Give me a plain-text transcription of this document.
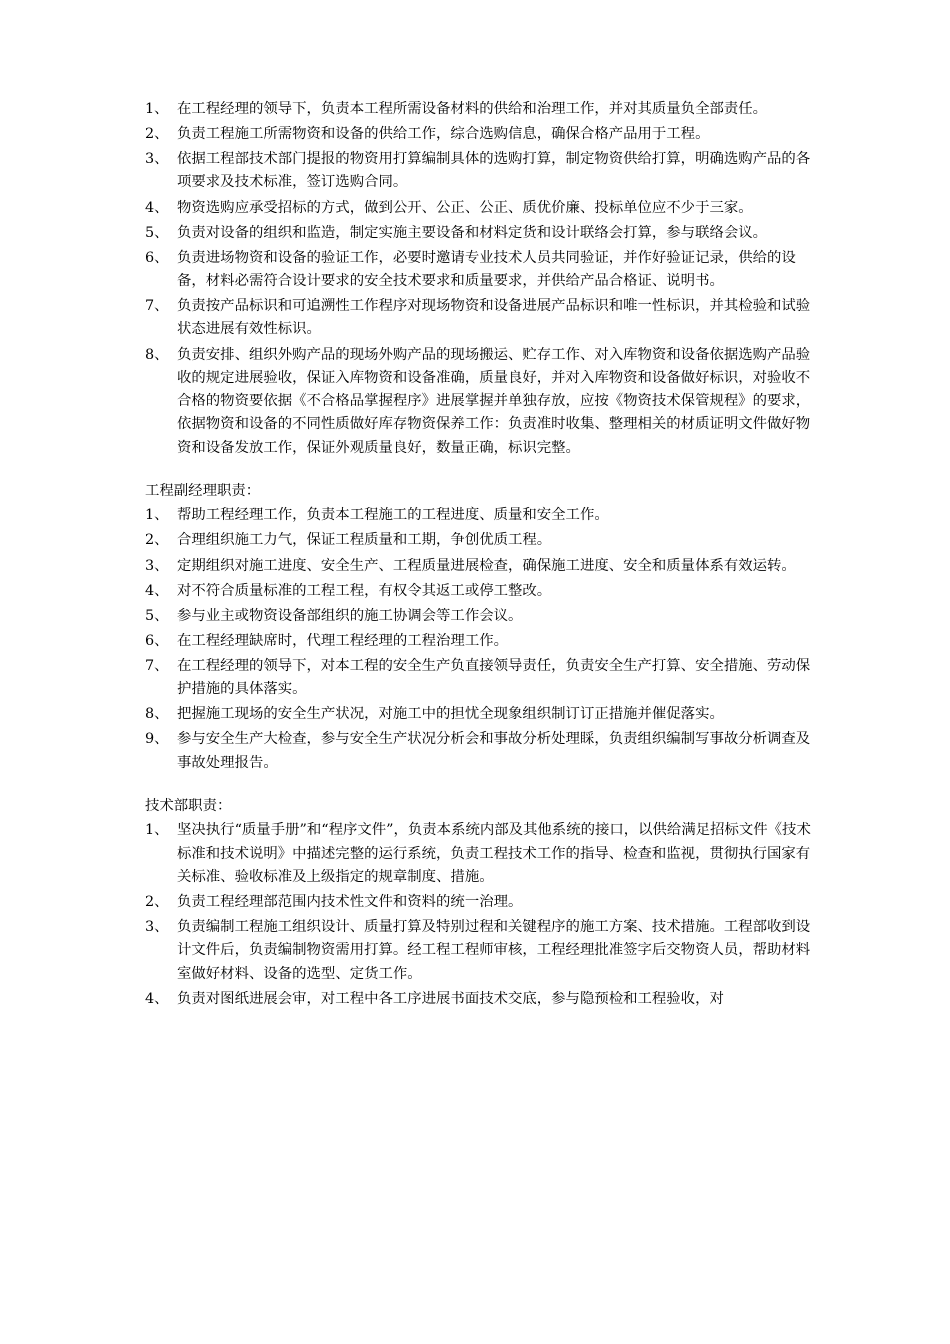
1、 在工程经理的领导下，负责本工程所需设备材料的供给和治理工作，并对其质量负全部责任。
2、 负责工程施工所需物资和设备的供给工作，综合选购信息，确保合格产品用于工程。
3、 依据工程部技术部门提报的物资用打算编制具体的选购打算，制定物资供给打算，明确选购产品的各项要求及技术标准，签订选购合同。
4、 物资选购应承受招标的方式，做到公开、公正、公正、质优价廉、投标单位应不少于三家。
5、 负责对设备的组织和监造，制定实施主要设备和材料定货和设计联络会打算，参与联络会议。
6、 负责进场物资和设备的验证工作，必要时邀请专业技术人员共同验证，并作好验证记录，供给的设备，材料必需符合设计要求的安全技术要求和质量要求，并供给产品合格证、说明书。
7、 负责按产品标识和可追溯性工作程序对现场物资和设备进展产品标识和唯一性标识，并其检验和试验状态进展有效性标识。
8、 负责安排、组织外购产品的现场外购产品的现场搬运、贮存工作、对入库物资和设备依据选购产品验收的规定进展验收，保证入库物资和设备准确，质量良好，并对入库物资和设备做好标识，对验收不合格的物资要依据《不合格品掌握程序》进展掌握并单独存放，应按《物资技术保管规程》的要求，依据物资和设备的不同性质做好库存物资保养工作：负责准时收集、整理相关的材质证明文件做好物资和设备发放工作，保证外观质量良好，数量正确，标识完整。
工程副经理职责：
1、 帮助工程经理工作，负责本工程施工的工程进度、质量和安全工作。
2、 合理组织施工力气，保证工程质量和工期，争创优质工程。
3、 定期组织对施工进度、安全生产、工程质量进展检查，确保施工进度、安全和质量体系有效运转。
4、 对不符合质量标准的工程工程，有权令其返工或停工整改。
5、 参与业主或物资设备部组织的施工协调会等工作会议。
6、 在工程经理缺席时，代理工程经理的工程治理工作。
7、 在工程经理的领导下，对本工程的安全生产负直接领导责任，负责安全生产打算、安全措施、劳动保护措施的具体落实。
8、 把握施工现场的安全生产状况，对施工中的担忧全现象组织制订订正措施并催促落实。
9、 参与安全生产大检查，参与安全生产状况分析会和事故分析处理睬，负责组织编制写事故分析调查及事故处理报告。
技术部职责：
1、 坚决执行“质量手册”和“程序文件”，负责本系统内部及其他系统的接口，以供给满足招标文件《技术标准和技术说明》中描述完整的运行系统，负责工程技术工作的指导、检查和监视，贯彻执行国家有关标准、验收标准及上级指定的规章制度、措施。
2、 负责工程经理部范围内技术性文件和资料的统一治理。
3、 负责编制工程施工组织设计、质量打算及特别过程和关键程序的施工方案、技术措施。工程部收到设计文件后，负责编制物资需用打算。经工程工程师审核，工程经理批准签字后交物资人员，帮助材料室做好材料、设备的选型、定货工作。
4、 负责对图纸进展会审，对工程中各工序进展书面技术交底，参与隐预检和工程验收，对
